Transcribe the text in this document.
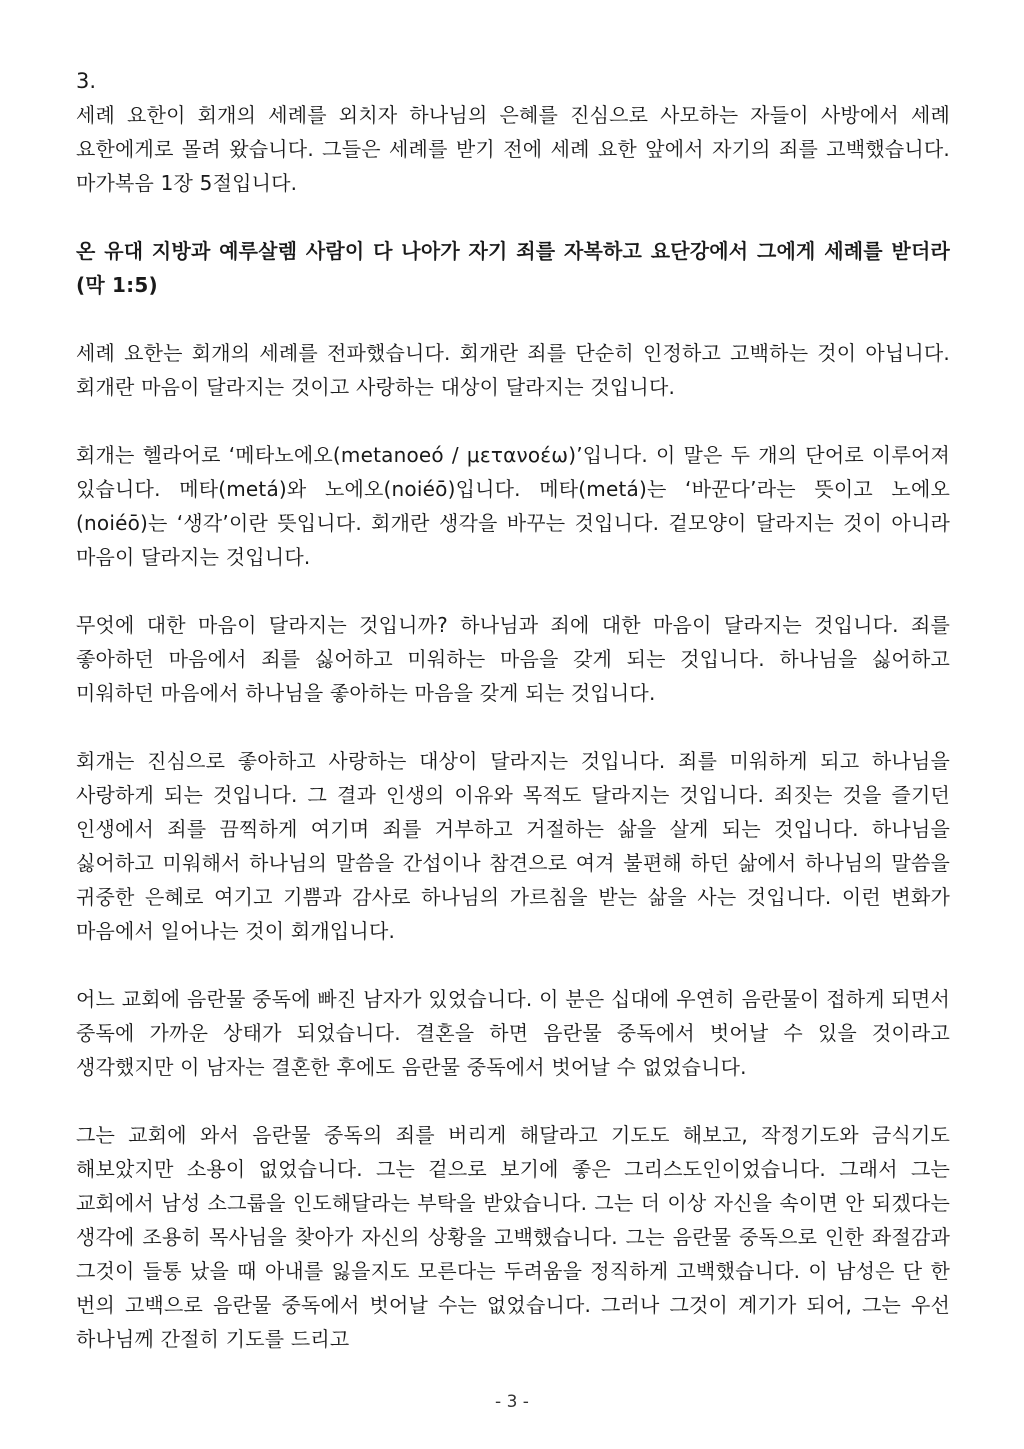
3.

세례 요한이 회개의 세례를 외치자 하나님의 은혜를 진심으로 사모하는 자들이 사방에서 세례 요한에게로 몰려 왔습니다. 그들은 세례를 받기 전에 세례 요한 앞에서 자기의 죄를 고백했습니다. 마가복음 1장 5절입니다.

온 유대 지방과 예루살렘 사람이 다 나아가 자기 죄를 자복하고 요단강에서 그에게 세례를 받더라 (막 1:5)

세례 요한는 회개의 세례를 전파했습니다. 회개란 죄를 단순히 인정하고 고백하는 것이 아닙니다. 회개란 마음이 달라지는 것이고 사랑하는 대상이 달라지는 것입니다.

회개는 헬라어로 ‘메타노에오(metanoeó / μετανοέω)’입니다. 이 말은 두 개의 단어로 이루어져 있습니다. 메타(metá)와 노에오(noiéō)입니다. 메타(metá)는 ‘바꾼다’라는 뜻이고 노에오(noiéō)는 ‘생각’이란 뜻입니다. 회개란 생각을 바꾸는 것입니다. 겉모양이 달라지는 것이 아니라 마음이 달라지는 것입니다.

무엇에 대한 마음이 달라지는 것입니까? 하나님과 죄에 대한 마음이 달라지는 것입니다. 죄를 좋아하던 마음에서 죄를 싫어하고 미워하는 마음을 갖게 되는 것입니다. 하나님을 싫어하고 미워하던 마음에서 하나님을 좋아하는 마음을 갖게 되는 것입니다.

회개는 진심으로 좋아하고 사랑하는 대상이 달라지는 것입니다. 죄를 미워하게 되고 하나님을 사랑하게 되는 것입니다. 그 결과 인생의 이유와 목적도 달라지는 것입니다. 죄짓는 것을 즐기던 인생에서 죄를 끔찍하게 여기며 죄를 거부하고 거절하는 삶을 살게 되는 것입니다. 하나님을 싫어하고 미워해서 하나님의 말씀을 간섭이나 참견으로 여겨 불편해 하던 삶에서 하나님의 말씀을 귀중한 은혜로 여기고 기쁨과 감사로 하나님의 가르침을 받는 삶을 사는 것입니다. 이런 변화가 마음에서 일어나는 것이 회개입니다.

어느 교회에 음란물 중독에 빠진 남자가 있었습니다. 이 분은 십대에 우연히 음란물이 접하게 되면서 중독에 가까운 상태가 되었습니다. 결혼을 하면 음란물 중독에서 벗어날 수 있을 것이라고 생각했지만 이 남자는 결혼한 후에도 음란물 중독에서 벗어날 수 없었습니다.

그는 교회에 와서 음란물 중독의 죄를 버리게 해달라고 기도도 해보고, 작정기도와 금식기도 해보았지만 소용이 없었습니다. 그는 겉으로 보기에 좋은 그리스도인이었습니다. 그래서 그는 교회에서 남성 소그룹을 인도해달라는 부탁을 받았습니다. 그는 더 이상 자신을 속이면 안 되겠다는 생각에 조용히 목사님을 찾아가 자신의 상황을 고백했습니다. 그는 음란물 중독으로 인한 좌절감과 그것이 들통 났을 때 아내를 잃을지도 모른다는 두려움을 정직하게 고백했습니다. 이 남성은 단 한 번의 고백으로 음란물 중독에서 벗어날 수는 없었습니다. 그러나 그것이 계기가 되어, 그는 우선 하나님께 간절히 기도를 드리고

- 3 -
